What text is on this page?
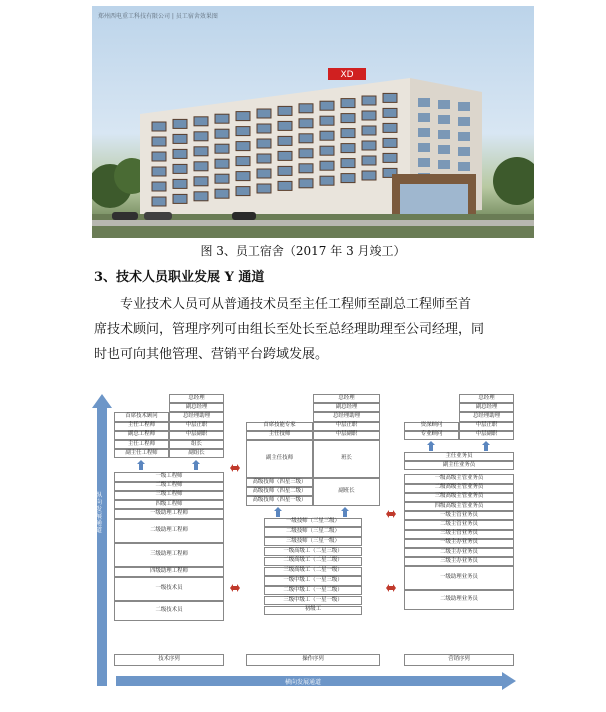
XD
郑州西电重工科技有限公司 | 员工宿舍效果图
图 3、员工宿舍（2017 年 3 月竣工）
3、技术人员职业发展 Y 通道
专业技术人员可从普通技术员至主任工程师至副总工程师至首
席技术顾问，管理序列可由组长至处长至总经理助理至公司经理，同
时也可向其他管理、营销平台跨域发展。
纵向发展通道
横向发展通道
总经理
副总经理
首席技术顾问	总经理助理
主任工程师	中层正职
副总工程师	中层副职
主任工程师	组长
副主任工程师	副组长
一级工程师
二级工程师
三级工程师
四级工程师
一级助理工程师
二级助理工程师
三级助理工程师
四级助理工程师
一级技术员
二级技术员
技术序列
总经理
副总经理
总经理助理
首席技能专家	中层正职
主任技师	中层副职
副主任技师	班长
高级技师（四星三级）
高级技师（四星二级）
高级技师（四星一级）
副班长
一级技师（三星三级）
二级技师（三星二级）
三级技师（三星一级）
一级高级工（二星三级）
二级高级工（二星二级）
三级高级工（二星一级）
一级中级工（一星三级）
二级中级工（一星二级）
三级中级工（一星一级）
初级工
操作序列
总经理
副总经理
总经理助理
资深顾问	中层正职
专业顾问	中层副职
主任业务员
副主任业务员
一级高级主管业务员
二级高级主管业务员
三级高级主管业务员
四级高级主管业务员
一级主管业务员
二级主管业务员
三级主管业务员
一级主办业务员
二级主办业务员
三级主办业务员
一级助理业务员
二级助理业务员
营销序列
